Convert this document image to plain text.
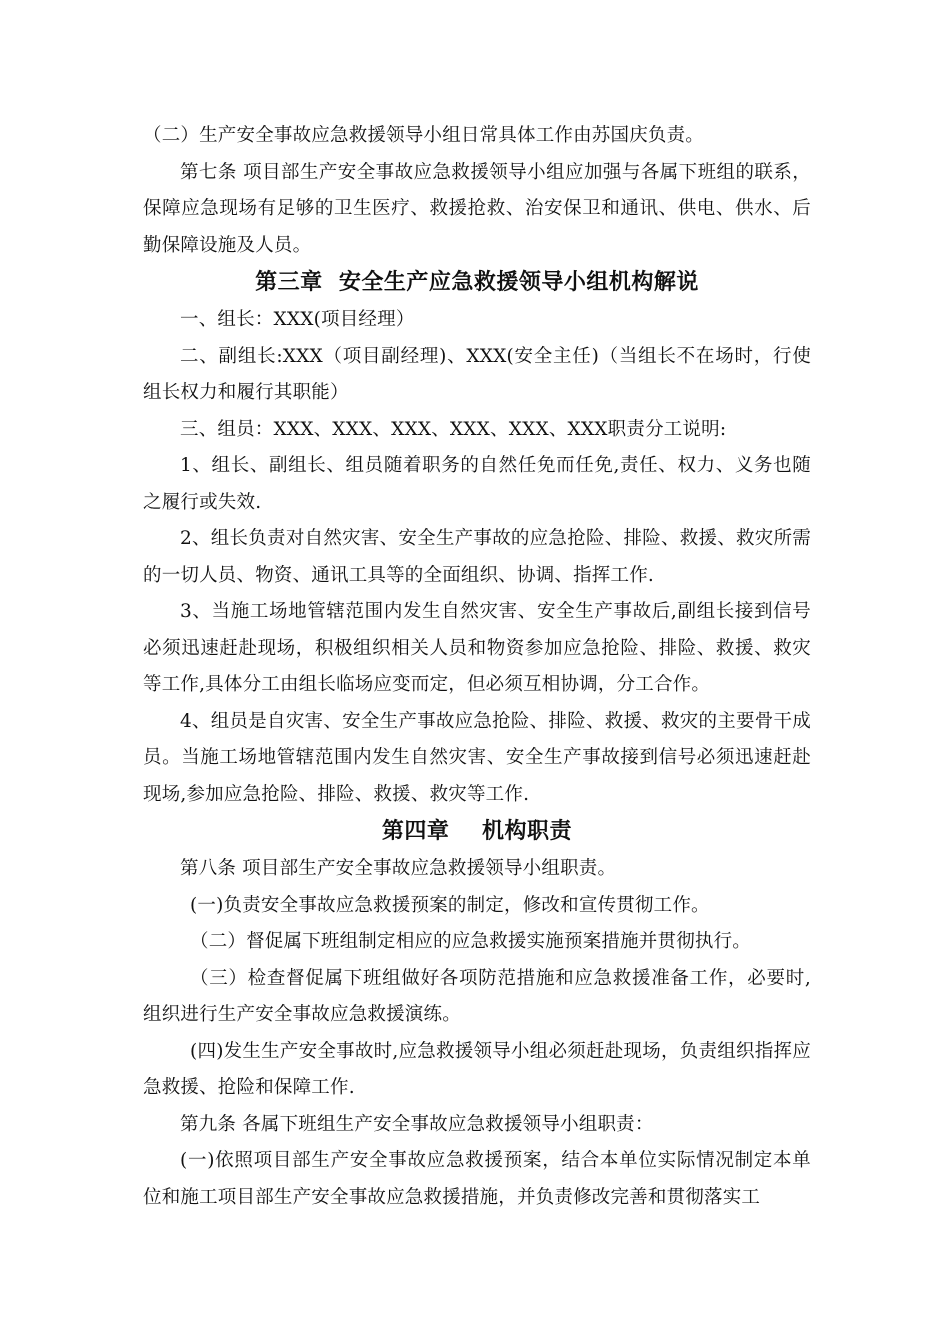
（二）生产安全事故应急救援领导小组日常具体工作由苏国庆负责。

第七条 项目部生产安全事故应急救援领导小组应加强与各属下班组的联系，保障应急现场有足够的卫生医疗、救援抢救、治安保卫和通讯、供电、供水、后勤保障设施及人员。

第三章  安全生产应急救援领导小组机构解说

一、组长：XXX(项目经理）

二、副组长:XXX（项目副经理)、XXX(安全主任)（当组长不在场时，行使组长权力和履行其职能）

三、组员：XXX、XXX、XXX、XXX、XXX、XXX职责分工说明:

1、组长、副组长、组员随着职务的自然任免而任免,责任、权力、义务也随之履行或失效.

2、组长负责对自然灾害、安全生产事故的应急抢险、排险、救援、救灾所需的一切人员、物资、通讯工具等的全面组织、协调、指挥工作.

3、当施工场地管辖范围内发生自然灾害、安全生产事故后,副组长接到信号必须迅速赶赴现场，积极组织相关人员和物资参加应急抢险、排险、救援、救灾等工作,具体分工由组长临场应变而定，但必须互相协调，分工合作。

4、组员是自灾害、安全生产事故应急抢险、排险、救援、救灾的主要骨干成员。当施工场地管辖范围内发生自然灾害、安全生产事故接到信号必须迅速赶赴现场,参加应急抢险、排险、救援、救灾等工作.

第四章    机构职责

第八条 项目部生产安全事故应急救援领导小组职责。

(一)负责安全事故应急救援预案的制定，修改和宣传贯彻工作。

（二）督促属下班组制定相应的应急救援实施预案措施并贯彻执行。

（三）检查督促属下班组做好各项防范措施和应急救援准备工作，必要时,组织进行生产安全事故应急救援演练。

(四)发生生产安全事故时,应急救援领导小组必须赶赴现场，负责组织指挥应急救援、抢险和保障工作.

第九条 各属下班组生产安全事故应急救援领导小组职责：

(一)依照项目部生产安全事故应急救援预案，结合本单位实际情况制定本单位和施工项目部生产安全事故应急救援措施，并负责修改完善和贯彻落实工
